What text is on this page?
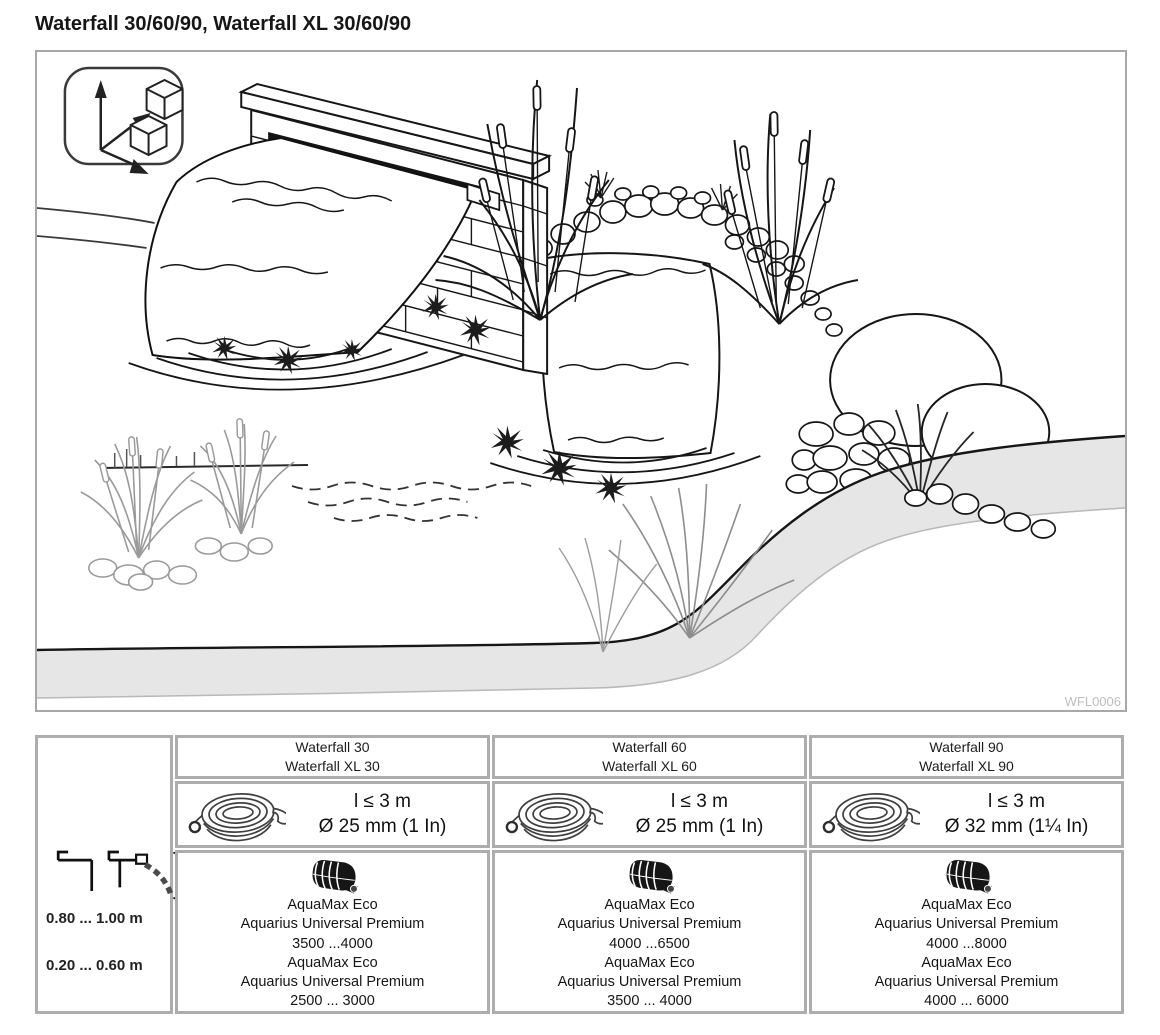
Waterfall 30/60/90, Waterfall XL 30/60/90
WFL0006
0.80 ... 1.00 m
0.20 ... 0.60 m
Waterfall 30
Waterfall XL 30
Waterfall 60
Waterfall XL 60
Waterfall 90
Waterfall XL 90
l ≤ 3 m
Ø 25 mm (1 In)
l ≤ 3 m
Ø 25 mm (1 In)
l ≤ 3 m
Ø 32 mm (1¼ In)
AquaMax Eco
Aquarius Universal Premium
3500 ...4000
AquaMax Eco
Aquarius Universal Premium
2500 ... 3000
AquaMax Eco
Aquarius Universal Premium
4000 ...6500
AquaMax Eco
Aquarius Universal Premium
3500 ... 4000
AquaMax Eco
Aquarius Universal Premium
4000 ...8000
AquaMax Eco
Aquarius Universal Premium
4000 ... 6000
